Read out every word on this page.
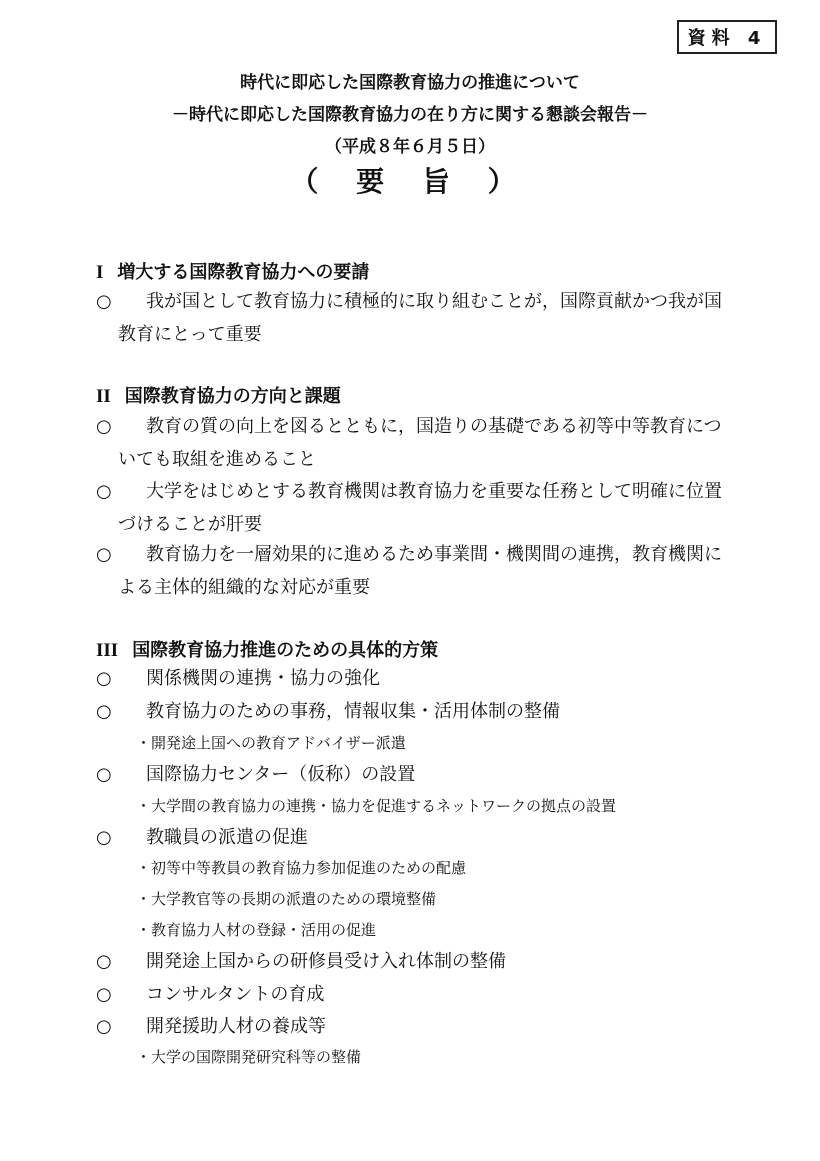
資料 4
時代に即応した国際教育協力の推進について
－時代に即応した国際教育協力の在り方に関する懇談会報告－
（平成８年６月５日）
（ 要 旨 ）
I 増大する国際教育協力への要請
○	我が国として教育協力に積極的に取り組むことが，国際貢献かつ我が国教育にとって重要
II 国際教育協力の方向と課題
○	教育の質の向上を図るとともに，国造りの基礎である初等中等教育についても取組を進めること
○	大学をはじめとする教育機関は教育協力を重要な任務として明確に位置づけることが肝要
○	教育協力を一層効果的に進めるため事業間・機関間の連携，教育機関による主体的組織的な対応が重要
III 国際教育協力推進のための具体的方策
○	関係機関の連携・協力の強化
○	教育協力のための事務，情報収集・活用体制の整備
・開発途上国への教育アドバイザー派遣
○	国際協力センター（仮称）の設置
・大学間の教育協力の連携・協力を促進するネットワークの拠点の設置
○	教職員の派遣の促進
・初等中等教員の教育協力参加促進のための配慮
・大学教官等の長期の派遣のための環境整備
・教育協力人材の登録・活用の促進
○	開発途上国からの研修員受け入れ体制の整備
○	コンサルタントの育成
○	開発援助人材の養成等
・大学の国際開発研究科等の整備
